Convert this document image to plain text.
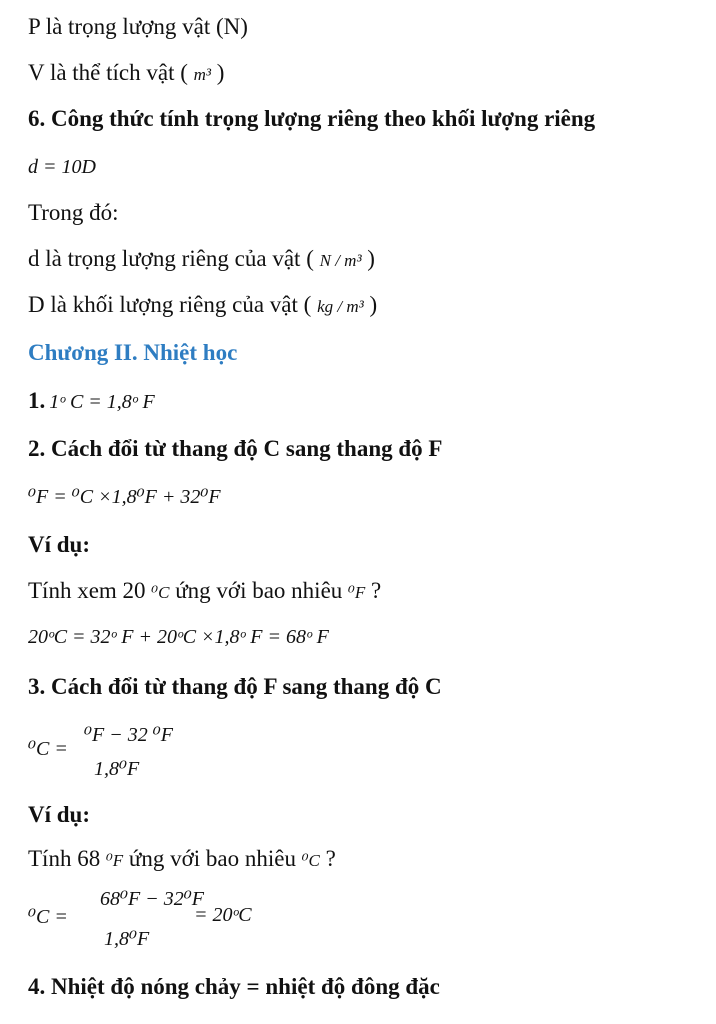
P là trọng lượng vật (N)
V là thể tích vật ( m³ )
6. Công thức tính trọng lượng riêng theo khối lượng riêng
d = 10D
Trong đó:
d là trọng lượng riêng của vật ( N / m³ )
D là khối lượng riêng của vật ( kg / m³ )
Chương II. Nhiệt học
1. 1ᵒ C = 1,8ᵒ F
2. Cách đổi từ thang độ C sang thang độ F
⁰F = ⁰C ×1,8⁰F + 32⁰F
Ví dụ:
Tính xem 20 ⁰C ứng với bao nhiêu ⁰F ?
20ᵒC = 32ᵒ F + 20ᵒC ×1,8ᵒ F = 68ᵒ F
3. Cách đổi từ thang độ F sang thang độ C
⁰C =
⁰F − 32 ⁰F
1,8⁰F
Ví dụ:
Tính 68 ⁰F ứng với bao nhiêu ⁰C ?
⁰C =
68⁰F − 32⁰F
1,8⁰F
= 20ᵒC
4. Nhiệt độ nóng chảy = nhiệt độ đông đặc
